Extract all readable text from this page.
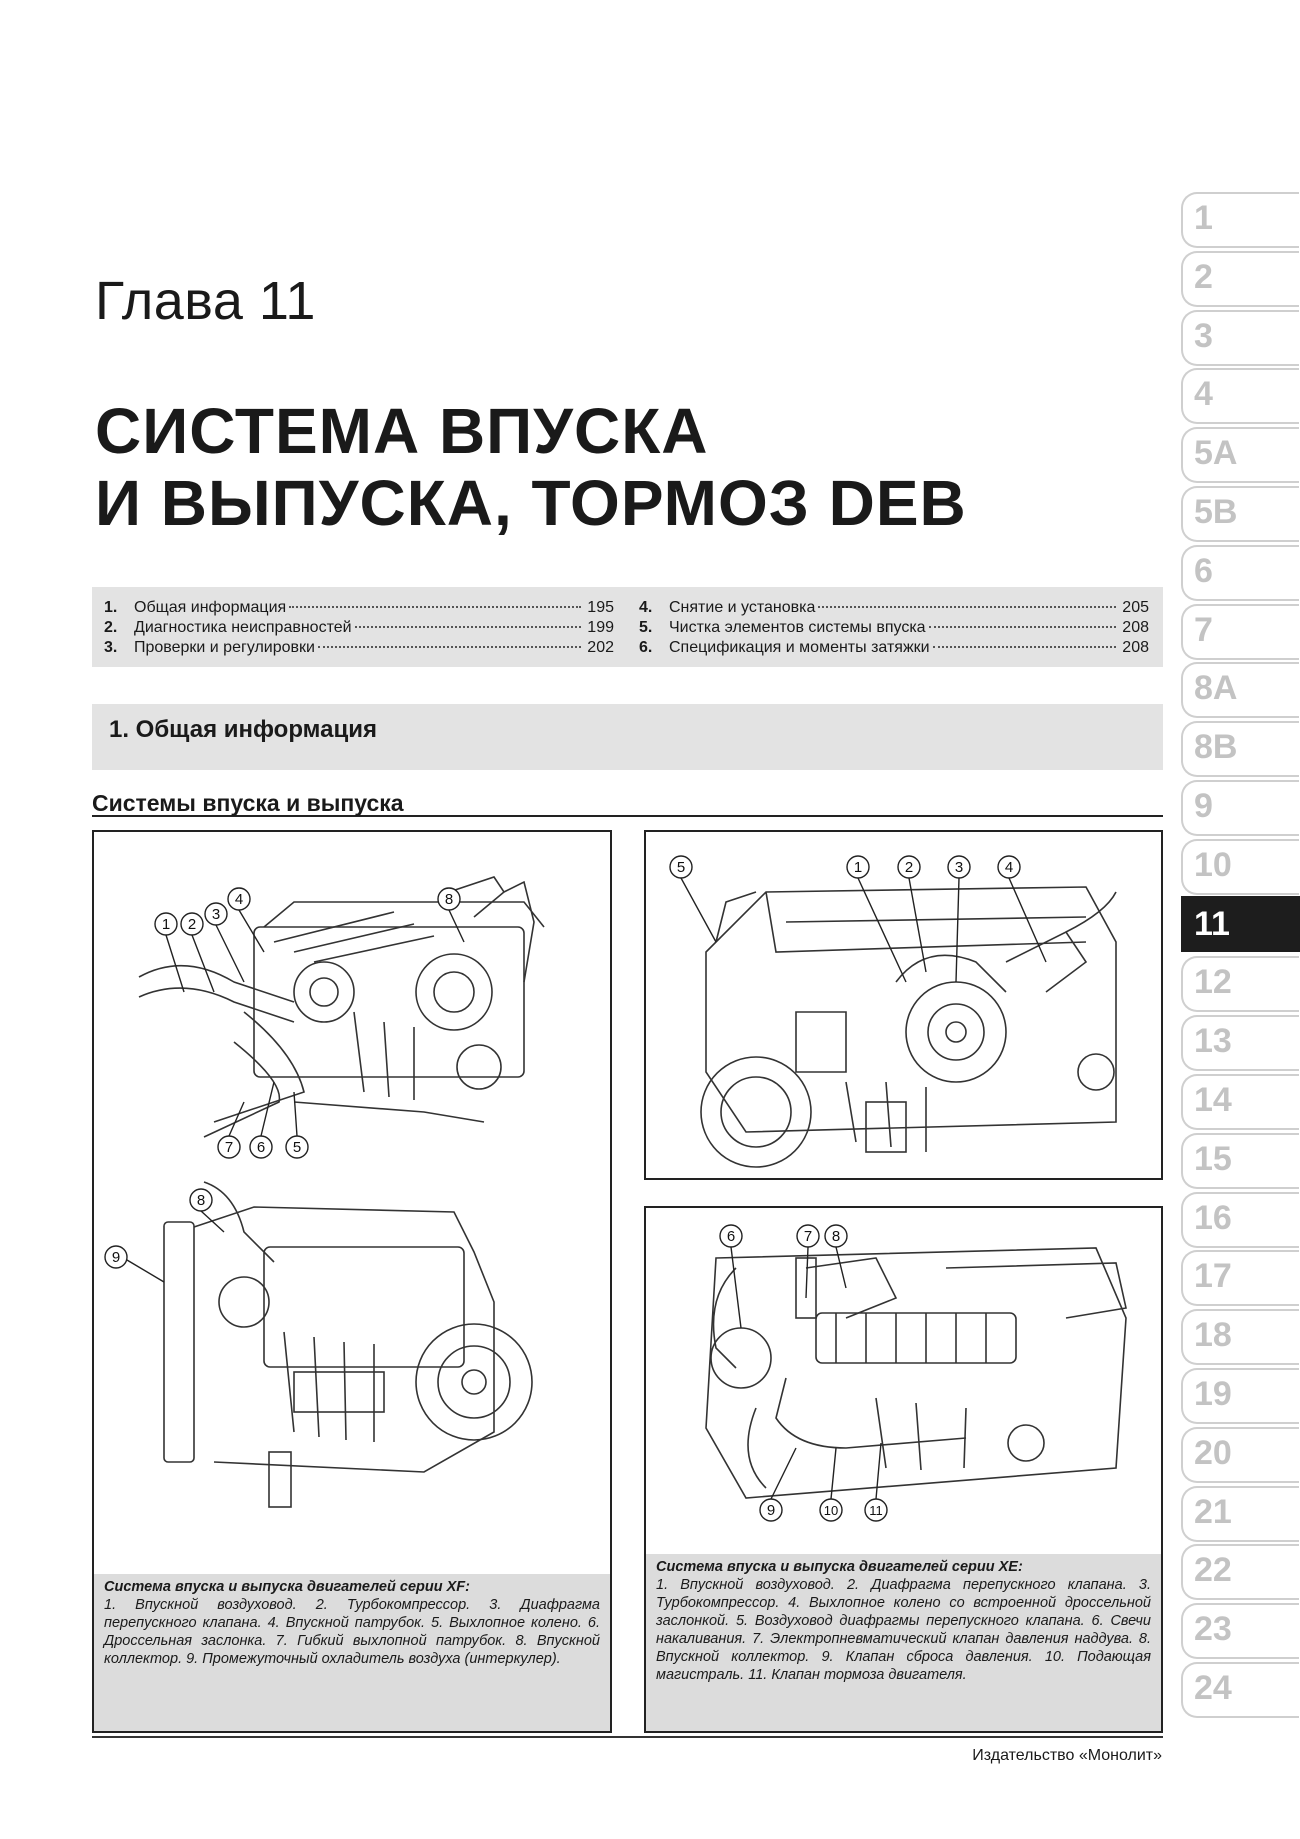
Глава 11
СИСТЕМА ВПУСКА
И ВЫПУСКА, ТОРМОЗ DEB
1.	Общая информация	195
2.	Диагностика неисправностей	199
3.	Проверки и регулировки	202
4.	Снятие и установка	205
5.	Чистка элементов системы впуска	208
6.	Спецификация и моменты затяжки	208
1. Общая информация
Системы впуска и выпуска
1 2
3
4	8
7 6 5
8
9
Система впуска и выпуска двигателей серии XF:
1. Впускной воздуховод. 2. Турбокомпрессор. 3. Диафрагма перепускного клапана. 4. Впускной патрубок. 5. Выхлопное колено. 6. Дроссельная заслонка. 7. Гибкий выхлопной патрубок. 8. Впускной коллектор. 9. Промежуточный охладитель воздуха (интеркулер).
5	1	2	3	4
6	7 8
9	10 11
Система впуска и выпуска двигателей серии XE:
1. Впускной воздуховод. 2. Диафрагма перепускного клапана. 3. Турбокомпрессор. 4. Выхлопное колено со встроенной дроссельной заслонкой. 5. Воздуховод диафрагмы перепускного клапана. 6. Свечи накаливания. 7. Электропневматический клапан давления наддува. 8. Впускной коллектор. 9. Клапан сброса давления. 10. Подающая магистраль. 11. Клапан тормоза двигателя.
1
2
3
4
5A
5B
6
7
8A
8B
9
10
11
12
13
14
15
16
17
18
19
20
21
22
23
24
Издательство «Монолит»
